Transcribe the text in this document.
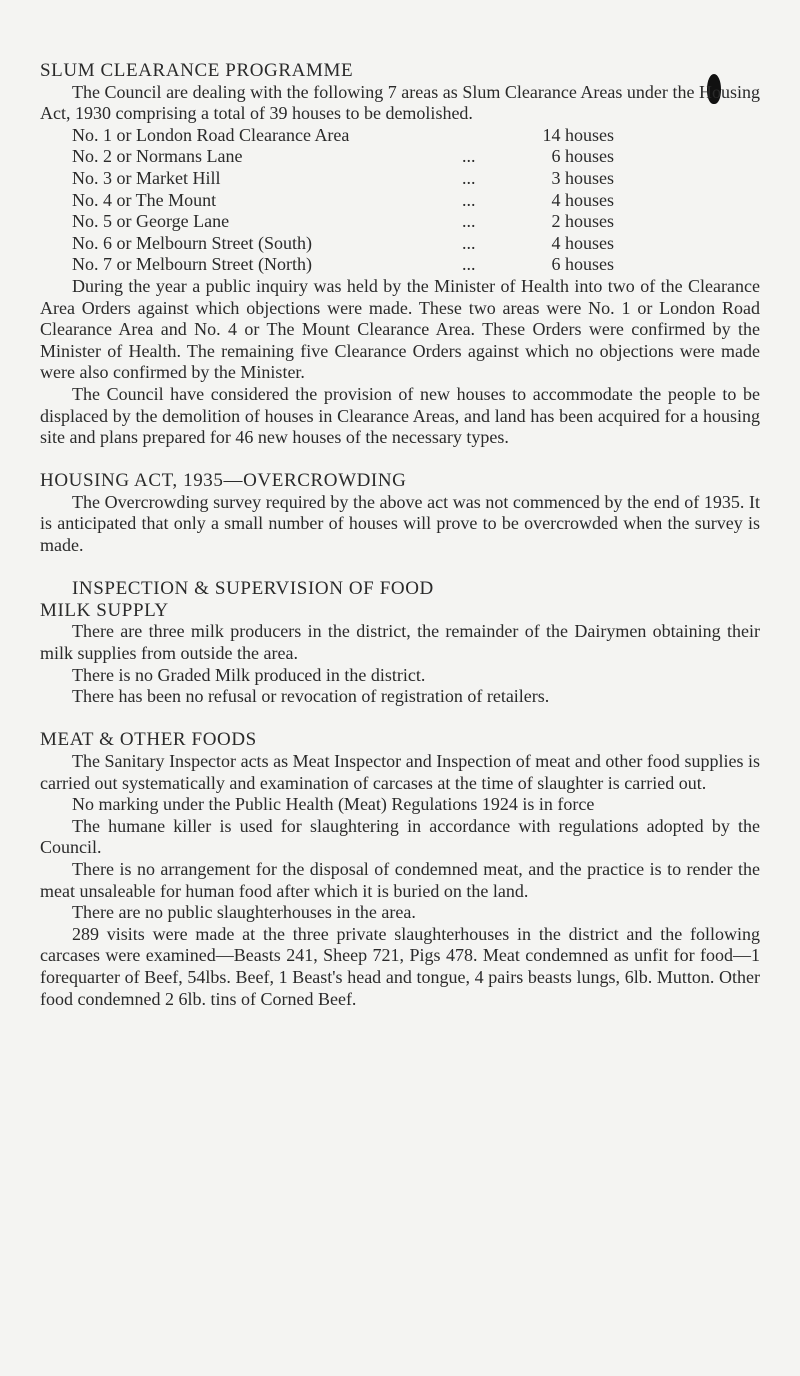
SLUM CLEARANCE PROGRAMME

The Council are dealing with the following 7 areas as Slum Clearance Areas under the Housing Act, 1930 comprising a total of 39 houses to be demolished.

No. 1 or London Road Clearance Area	14 houses
No. 2 or Normans Lane	...	6 houses
No. 3 or Market Hill	...	3 houses
No. 4 or The Mount	...	4 houses
No. 5 or George Lane	...	2 houses
No. 6 or Melbourn Street (South)	...	4 houses
No. 7 or Melbourn Street (North)	...	6 houses

During the year a public inquiry was held by the Minister of Health into two of the Clearance Area Orders against which objections were made. These two areas were No. 1 or London Road Clearance Area and No. 4 or The Mount Clearance Area. These Orders were confirmed by the Minister of Health. The remaining five Clearance Orders against which no objections were made were also confirmed by the Minister.

The Council have considered the provision of new houses to accommodate the people to be displaced by the demolition of houses in Clearance Areas, and land has been acquired for a housing site and plans prepared for 46 new houses of the necessary types.

HOUSING ACT, 1935—OVERCROWDING

The Overcrowding survey required by the above act was not commenced by the end of 1935. It is anticipated that only a small number of houses will prove to be overcrowded when the survey is made.

INSPECTION & SUPERVISION OF FOOD
MILK SUPPLY

There are three milk producers in the district, the remainder of the Dairymen obtaining their milk supplies from outside the area.

There is no Graded Milk produced in the district.

There has been no refusal or revocation of registration of retailers.

MEAT & OTHER FOODS

The Sanitary Inspector acts as Meat Inspector and Inspection of meat and other food supplies is carried out systematically and examination of carcases at the time of slaughter is carried out.

No marking under the Public Health (Meat) Regulations 1924 is in force

The humane killer is used for slaughtering in accordance with regulations adopted by the Council.

There is no arrangement for the disposal of condemned meat, and the practice is to render the meat unsaleable for human food after which it is buried on the land.

There are no public slaughterhouses in the area.

289 visits were made at the three private slaughterhouses in the district and the following carcases were examined—Beasts 241, Sheep 721, Pigs 478. Meat condemned as unfit for food—1 forequarter of Beef, 54lbs. Beef, 1 Beast's head and tongue, 4 pairs beasts lungs, 6lb. Mutton. Other food condemned 2 6lb. tins of Corned Beef.
